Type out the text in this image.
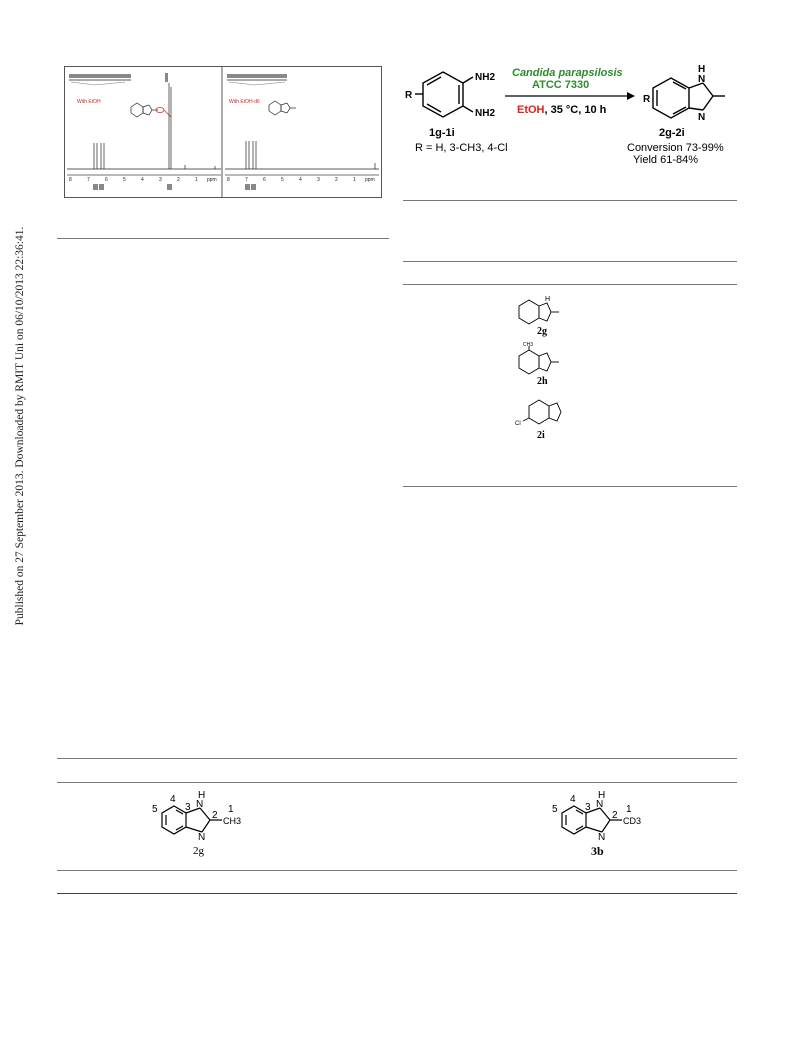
Published on 27 September 2013. Downloaded by RMIT Uni on 06/10/2013 22:36:41.
With EtOH	With EtOH-d6
8	7	6	5	4	3	2	1 ppm 8	7	6	5	4	3	2	1 ppm
NH2
NH2
R
1g-1i
R = H, 3-CH3, 4-Cl
Candida parapsilosis
ATCC 7330
EtOH, 35 °C, 10 h
R
H
N
N
2g-2i
Conversion 73-99%
Yield 61-84%
H
2g
CH3
2h
Cl
2i
4
5	3
2
1
H
N
N
CH3
2g
4
5	3
2
1
H
N
N
CD3
3b
